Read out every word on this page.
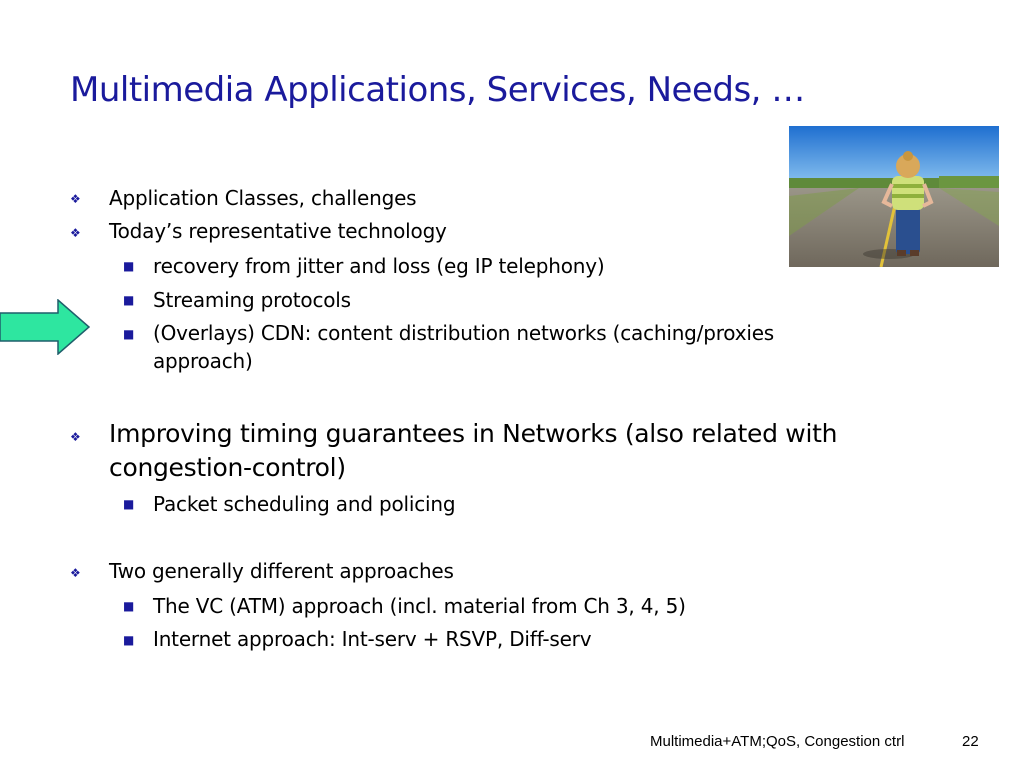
Multimedia Applications, Services, Needs, …
❖ Application Classes, challenges
❖ Today’s representative technology
■ recovery from jitter and loss (eg IP telephony)
■ Streaming protocols
■ (Overlays) CDN: content distribution networks (caching/proxies approach)
❖ Improving timing guarantees in Networks (also related with congestion-control)
■ Packet scheduling and policing
❖ Two generally different approaches
■ The VC (ATM) approach (incl. material from Ch 3, 4, 5)
■ Internet approach: Int-serv + RSVP, Diff-serv
Multimedia+ATM;QoS, Congestion ctrl	22
